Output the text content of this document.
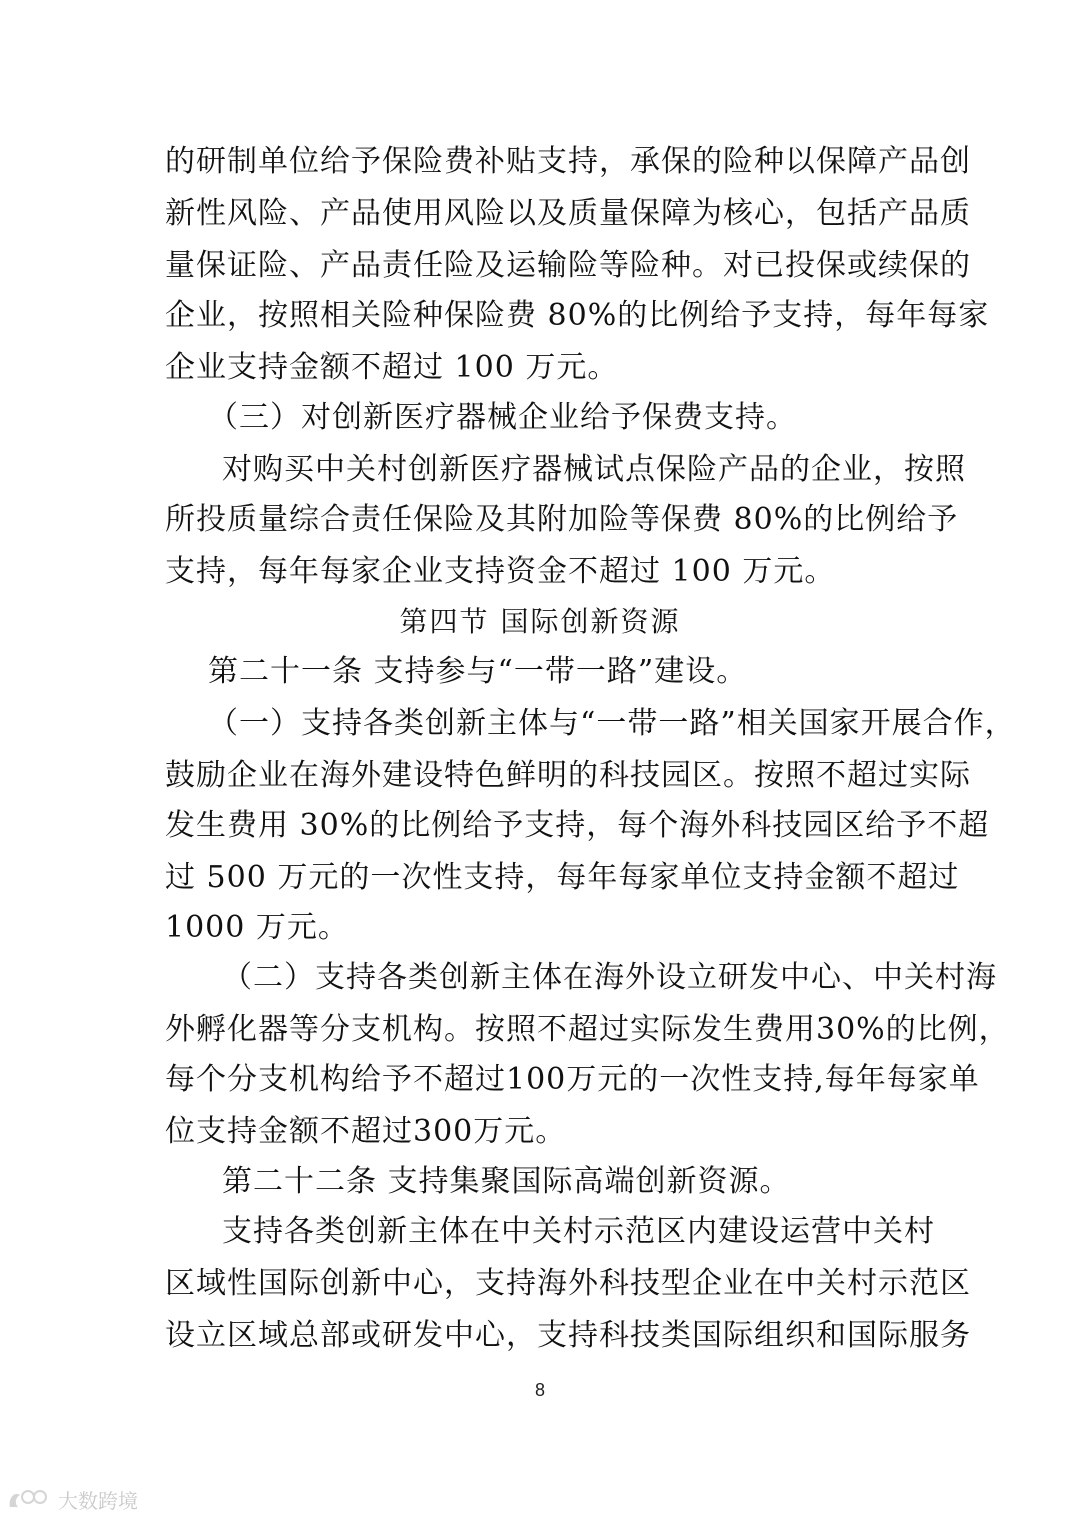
的研制单位给予保险费补贴支持，承保的险种以保障产品创
新性风险、产品使用风险以及质量保障为核心，包括产品质
量保证险、产品责任险及运输险等险种。对已投保或续保的
企业，按照相关险种保险费 80%的比例给予支持，每年每家
企业支持金额不超过 100 万元。
（三）对创新医疗器械企业给予保费支持。
对购买中关村创新医疗器械试点保险产品的企业，按照
所投质量综合责任保险及其附加险等保费 80%的比例给予
支持，每年每家企业支持资金不超过 100 万元。
第四节 国际创新资源
第二十一条 支持参与“一带一路”建设。
（一）支持各类创新主体与“一带一路”相关国家开展合作，
鼓励企业在海外建设特色鲜明的科技园区。按照不超过实际
发生费用 30%的比例给予支持，每个海外科技园区给予不超
过 500 万元的一次性支持，每年每家单位支持金额不超过
1000 万元。
（二）支持各类创新主体在海外设立研发中心、中关村海
外孵化器等分支机构。按照不超过实际发生费用30%的比例，
每个分支机构给予不超过100万元的一次性支持,每年每家单
位支持金额不超过300万元。
第二十二条 支持集聚国际高端创新资源。
支持各类创新主体在中关村示范区内建设运营中关村
区域性国际创新中心，支持海外科技型企业在中关村示范区
设立区域总部或研发中心，支持科技类国际组织和国际服务
8
大数跨境
